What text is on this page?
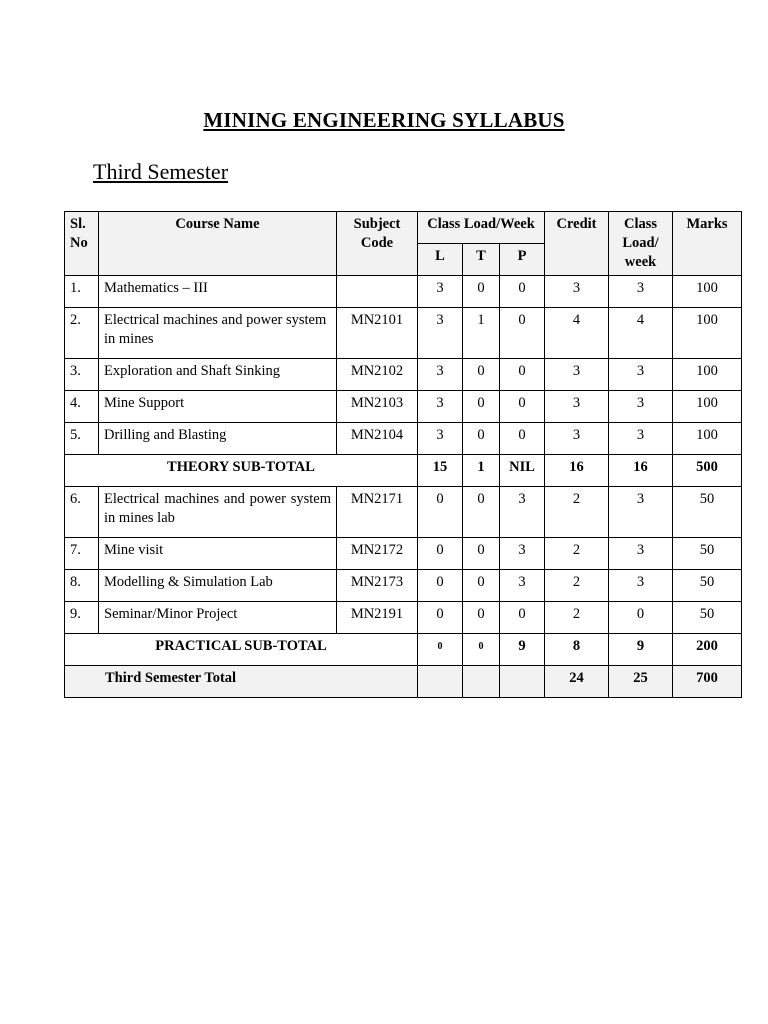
MINING ENGINEERING SYLLABUS
Third Semester
Sl. No	Course Name	Subject Code	Class Load/Week			Credit	Class Load/ week	Marks
			L	T	P			
1.	Mathematics – III		3	0	0	3	3	100
2.	Electrical machines and power system in mines	MN2101	3	1	0	4	4	100
3.	Exploration and Shaft Sinking	MN2102	3	0	0	3	3	100
4.	Mine Support	MN2103	3	0	0	3	3	100
5.	Drilling and Blasting	MN2104	3	0	0	3	3	100
THEORY SUB-TOTAL			15	1	NIL	16	16	500
6.	Electrical machines and power system in mines lab	MN2171	0	0	3	2	3	50
7.	Mine visit	MN2172	0	0	3	2	3	50
8.	Modelling & Simulation Lab	MN2173	0	0	3	2	3	50
9.	Seminar/Minor Project	MN2191	0	0	0	2	0	50
PRACTICAL SUB-TOTAL			$^0$	$^0$	9	8	9	200
Third Semester Total						24	25	700
